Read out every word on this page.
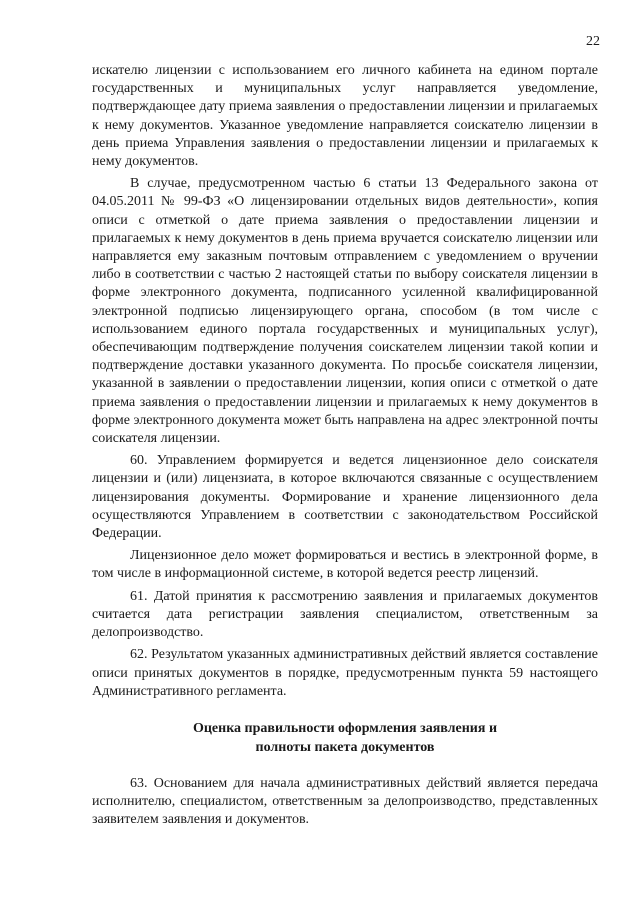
22

искателю лицензии с использованием его личного кабинета на едином портале государственных и муниципальных услуг направляется уведомление, подтверждающее дату приема заявления о предоставлении лицензии и прилагаемых к нему документов. Указанное уведомление направляется соискателю лицензии в день приема Управления заявления о предоставлении лицензии и прилагаемых к нему документов.

В случае, предусмотренном частью 6 статьи 13 Федерального закона от 04.05.2011 № 99-ФЗ «О лицензировании отдельных видов деятельности», копия описи с отметкой о дате приема заявления о предоставлении лицензии и прилагаемых к нему документов в день приема вручается соискателю лицензии или направляется ему заказным почтовым отправлением с уведомлением о вручении либо в соответствии с частью 2 настоящей статьи по выбору соискателя лицензии в форме электронного документа, подписанного усиленной квалифицированной электронной подписью лицензирующего органа, способом (в том числе с использованием единого портала государственных и муниципальных услуг), обеспечивающим подтверждение получения соискателем лицензии такой копии и подтверждение доставки указанного документа. По просьбе соискателя лицензии, указанной в заявлении о предоставлении лицензии, копия описи с отметкой о дате приема заявления о предоставлении лицензии и прилагаемых к нему документов в форме электронного документа может быть направлена на адрес электронной почты соискателя лицензии.

60. Управлением формируется и ведется лицензионное дело соискателя лицензии и (или) лицензиата, в которое включаются связанные с осуществлением лицензирования документы. Формирование и хранение лицензионного дела осуществляются Управлением в соответствии с законодательством Российской Федерации.

Лицензионное дело может формироваться и вестись в электронной форме, в том числе в информационной системе, в которой ведется реестр лицензий.

61. Датой принятия к рассмотрению заявления и прилагаемых документов считается дата регистрации заявления специалистом, ответственным за делопроизводство.

62. Результатом указанных административных действий является составление описи принятых документов в порядке, предусмотренным пункта 59 настоящего Административного регламента.

Оценка правильности оформления заявления и
полноты пакета документов

63. Основанием для начала административных действий является передача исполнителю, специалистом, ответственным за делопроизводство, представленных заявителем заявления и документов.
